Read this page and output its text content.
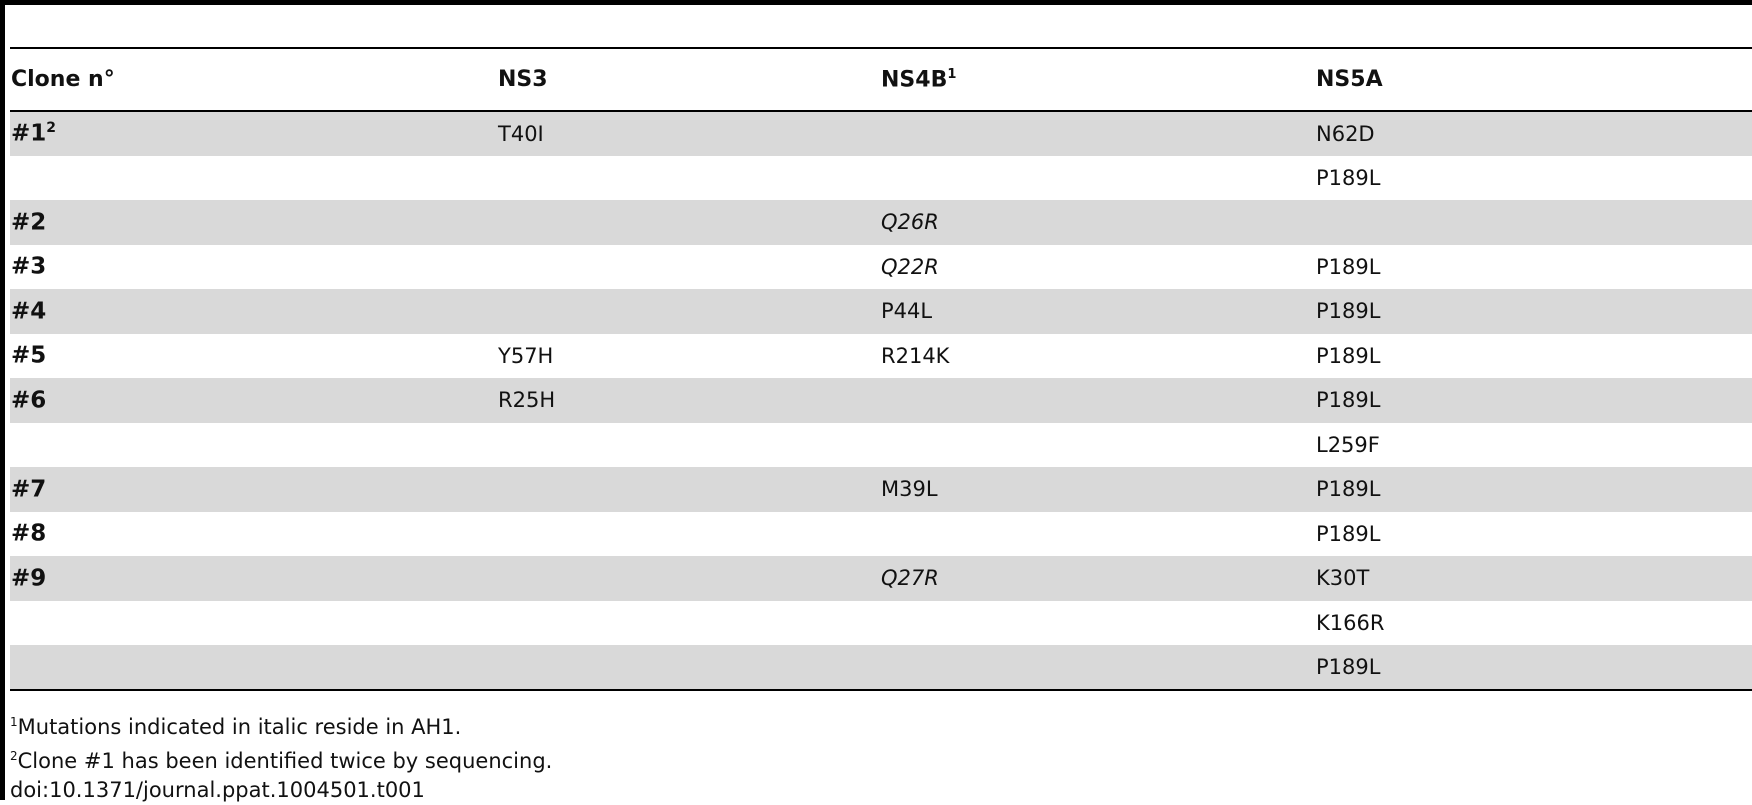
Clone n°	NS3	$NS4B^1$	NS5A
$\#1^2$	T40I		N62D
			P189L
#2		Q26R	
#3		Q22R	P189L
#4		P44L	P189L
#5	Y57H	R214K	P189L
#6	R25H		P189L
			L259F
#7		M39L	P189L
#8			P189L
#9		Q27R	K30T
			K166R
			P189L
$^1$Mutations indicated in italic reside in AH1.
$^2$Clone #1 has been identified twice by sequencing.
doi:10.1371/journal.ppat.1004501.t001
